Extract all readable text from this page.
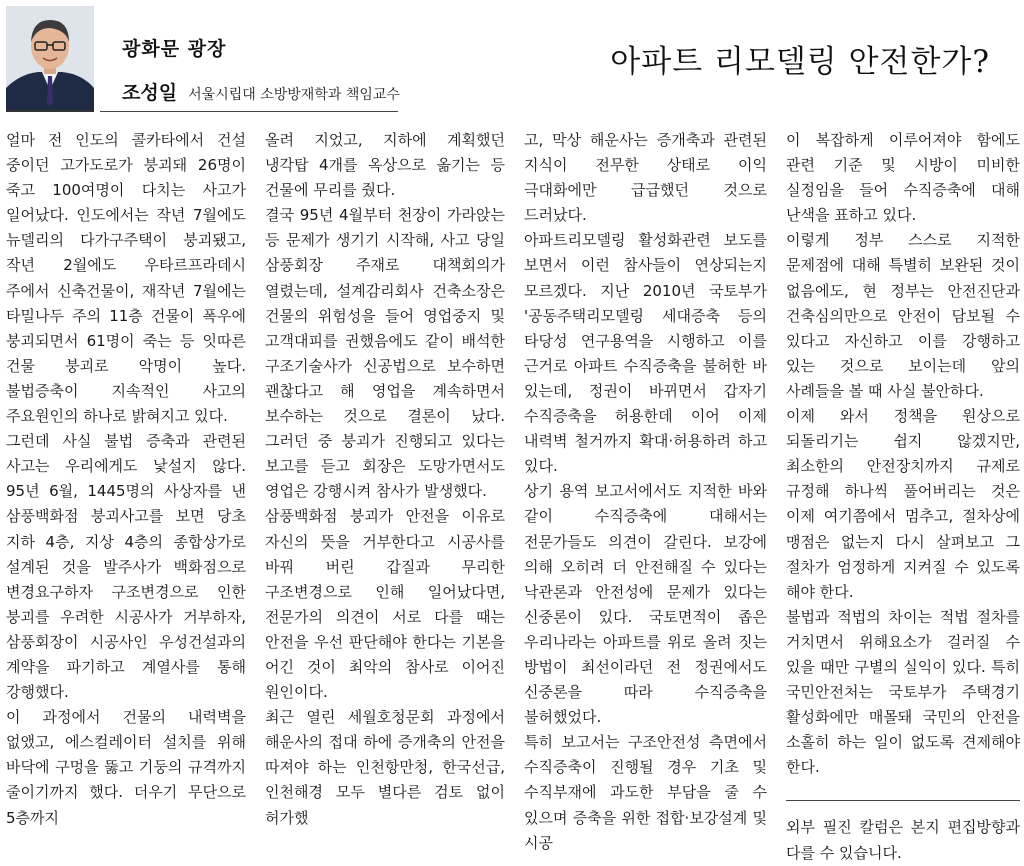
광화문 광장
조성일 서울시립대 소방방재학과 책임교수
아파트 리모델링 안전한가?

얼마 전 인도의 콜카타에서 건설 중이던 고가도로가 붕괴돼 26명이 죽고 100여명이 다치는 사고가 일어났다. 인도에서는 작년 7월에도 뉴델리의 다가구주택이 붕괴됐고, 작년 2월에도 우타르프라데시 주에서 신축건물이, 재작년 7월에는 타밀나두 주의 11층 건물이 폭우에 붕괴되면서 61명이 죽는 등 잇따른 건물 붕괴로 악명이 높다. 불법증축이 지속적인 사고의 주요원인의 하나로 밝혀지고 있다.

그런데 사실 불법 증축과 관련된 사고는 우리에게도 낯설지 않다. 95년 6월, 1445명의 사상자를 낸 삼풍백화점 붕괴사고를 보면 당초 지하 4층, 지상 4층의 종합상가로 설계된 것을 발주사가 백화점으로 변경요구하자 구조변경으로 인한 붕괴를 우려한 시공사가 거부하자, 삼풍회장이 시공사인 우성건설과의 계약을 파기하고 계열사를 통해 강행했다.

이 과정에서 건물의 내력벽을 없앴고, 에스컬레이터 설치를 위해 바닥에 구멍을 뚫고 기둥의 규격까지 줄이기까지 했다. 더우기 무단으로 5층까지

올려 지었고, 지하에 계획했던 냉각탑 4개를 옥상으로 옮기는 등 건물에 무리를 줬다.

결국 95년 4월부터 천장이 가라앉는 등 문제가 생기기 시작해, 사고 당일 삼풍회장 주재로 대책회의가 열렸는데, 설계감리회사 건축소장은 건물의 위험성을 들어 영업중지 및 고객대피를 권했음에도 같이 배석한 구조기술사가 신공법으로 보수하면 괜찮다고 해 영업을 계속하면서 보수하는 것으로 결론이 났다. 그러던 중 붕괴가 진행되고 있다는 보고를 듣고 회장은 도망가면서도 영업은 강행시켜 참사가 발생했다.

삼풍백화점 붕괴가 안전을 이유로 자신의 뜻을 거부한다고 시공사를 바꿔 버린 갑질과 무리한 구조변경으로 인해 일어났다면, 전문가의 의견이 서로 다를 때는 안전을 우선 판단해야 한다는 기본을 어긴 것이 최악의 참사로 이어진 원인이다.

최근 열린 세월호청문회 과정에서 해운사의 접대 하에 증개축의 안전을 따져야 하는 인천항만청, 한국선급, 인천해경 모두 별다른 검토 없이 허가했

고, 막상 해운사는 증개축과 관련된 지식이 전무한 상태로 이익 극대화에만 급급했던 것으로 드러났다.

아파트리모델링 활성화관련 보도를 보면서 이런 참사들이 연상되는지 모르겠다. 지난 2010년 국토부가 '공동주택리모델링 세대증축 등의 타당성 연구용역을 시행하고 이를 근거로 아파트 수직증축을 불허한 바 있는데, 정권이 바뀌면서 갑자기 수직증축을 허용한데 이어 이제 내력벽 철거까지 확대·허용하려 하고 있다.

상기 용역 보고서에서도 지적한 바와 같이 수직증축에 대해서는 전문가들도 의견이 갈린다. 보강에 의해 오히려 더 안전해질 수 있다는 낙관론과 안전성에 문제가 있다는 신중론이 있다. 국토면적이 좁은 우리나라는 아파트를 위로 올려 짓는 방법이 최선이라던 전 정권에서도 신중론을 따라 수직증축을 불허했었다.

특히 보고서는 구조안전성 측면에서 수직증축이 진행될 경우 기초 및 수직부재에 과도한 부담을 줄 수 있으며 증축을 위한 접합·보강설계 및 시공

이 복잡하게 이루어져야 함에도 관련 기준 및 시방이 미비한 실정임을 들어 수직증축에 대해 난색을 표하고 있다.

이렇게 정부 스스로 지적한 문제점에 대해 특별히 보완된 것이 없음에도, 현 정부는 안전진단과 건축심의만으로 안전이 담보될 수 있다고 자신하고 이를 강행하고 있는 것으로 보이는데 앞의 사례들을 볼 때 사실 불안하다.

이제 와서 정책을 원상으로 되돌리기는 쉽지 않겠지만, 최소한의 안전장치까지 규제로 규정해 하나씩 풀어버리는 것은 이제 여기쯤에서 멈추고, 절차상에 맹점은 없는지 다시 살펴보고 그 절차가 엄정하게 지켜질 수 있도록 해야 한다.

불법과 적법의 차이는 적법 절차를 거치면서 위해요소가 걸러질 수 있을 때만 구별의 실익이 있다. 특히 국민안전처는 국토부가 주택경기 활성화에만 매몰돼 국민의 안전을 소홀히 하는 일이 없도록 견제해야 한다.

외부 필진 칼럼은 본지 편집방향과 다를 수 있습니다.
